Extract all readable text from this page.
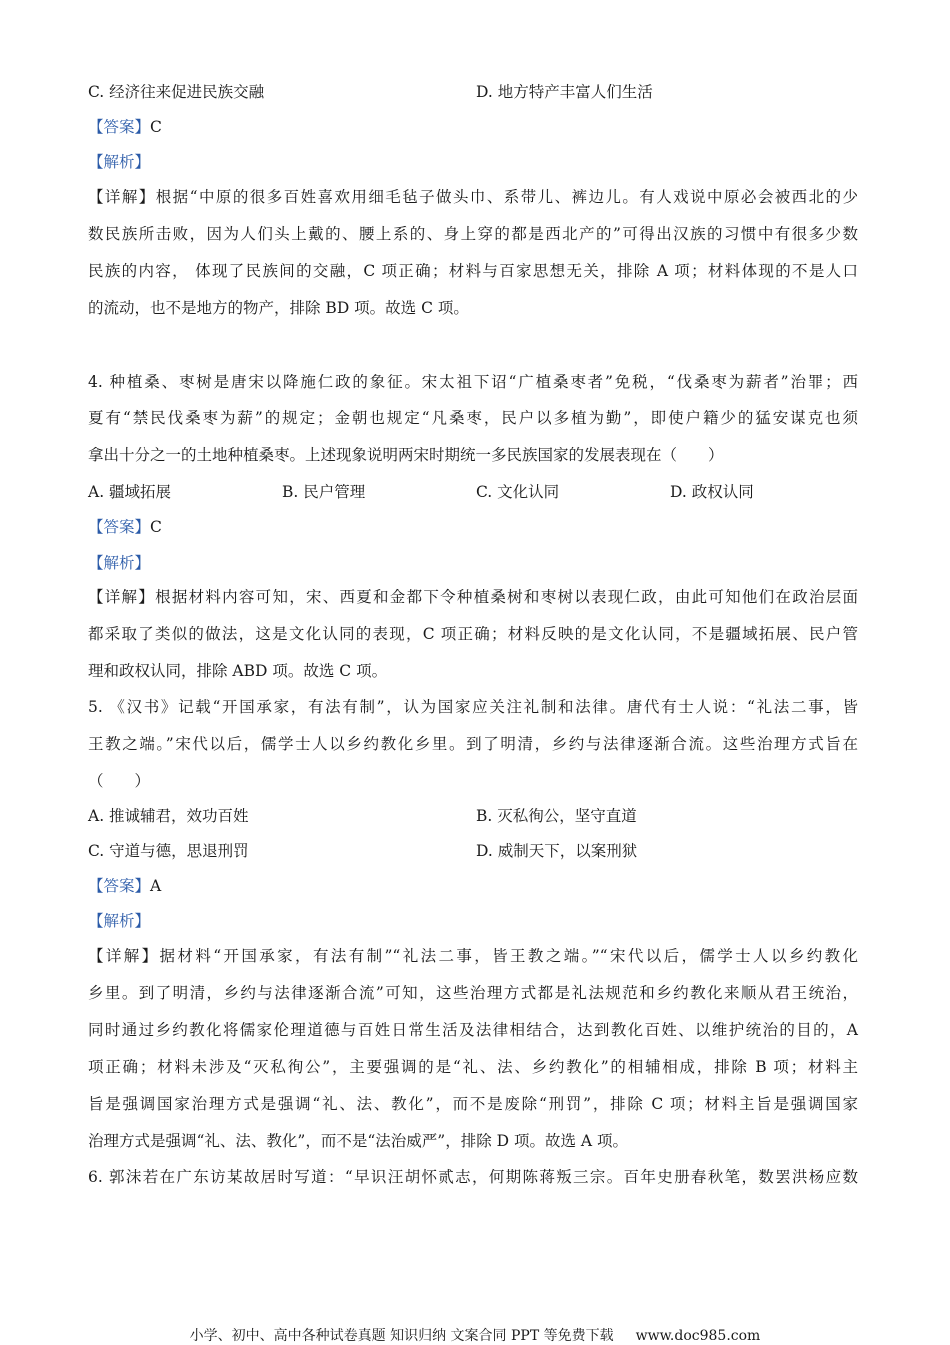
C. 经济往来促进民族交融	D. 地方特产丰富人们生活
【答案】C
【解析】
【详解】根据“中原的很多百姓喜欢用细毛毡子做头巾、系带儿、裤边儿。有人戏说中原必会被西北的少
数民族所击败，因为人们头上戴的、腰上系的、身上穿的都是西北产的”可得出汉族的习惯中有很多少数
民族的内容， 体现了民族间的交融，C 项正确；材料与百家思想无关，排除 A 项；材料体现的不是人口
的流动，也不是地方的物产，排除 BD 项。故选 C 项。
4. 种植桑、枣树是唐宋以降施仁政的象征。宋太祖下诏“广植桑枣者”免税，“伐桑枣为薪者”治罪；西
夏有“禁民伐桑枣为薪”的规定；金朝也规定“凡桑枣，民户以多植为勤”，即使户籍少的猛安谋克也须
拿出十分之一的土地种植桑枣。上述现象说明两宋时期统一多民族国家的发展表现在（　　）
A. 疆域拓展	B. 民户管理	C. 文化认同	D. 政权认同
【答案】C
【解析】
【详解】根据材料内容可知，宋、西夏和金都下令种植桑树和枣树以表现仁政，由此可知他们在政治层面
都采取了类似的做法，这是文化认同的表现，C 项正确；材料反映的是文化认同，不是疆域拓展、民户管
理和政权认同，排除 ABD 项。故选 C 项。
5. 《汉书》记载“开国承家，有法有制”，认为国家应关注礼制和法律。唐代有士人说：“礼法二事，皆
王教之端。”宋代以后，儒学士人以乡约教化乡里。到了明清，乡约与法律逐渐合流。这些治理方式旨在
（　　）
A. 推诚辅君，效功百姓	B. 灭私徇公，坚守直道
C. 守道与德，思退刑罚	D. 威制天下，以案刑狱
【答案】A
【解析】
【详解】据材料“开国承家，有法有制”“礼法二事，皆王教之端。”“宋代以后，儒学士人以乡约教化
乡里。到了明清，乡约与法律逐渐合流”可知，这些治理方式都是礼法规范和乡约教化来顺从君王统治，
同时通过乡约教化将儒家伦理道德与百姓日常生活及法律相结合，达到教化百姓、以维护统治的目的，A
项正确；材料未涉及“灭私徇公”，主要强调的是“礼、法、乡约教化”的相辅相成，排除 B 项；材料主
旨是强调国家治理方式是强调“礼、法、教化”，而不是废除“刑罚”，排除 C 项；材料主旨是强调国家
治理方式是强调“礼、法、教化”，而不是“法治威严”，排除 D 项。故选 A 项。
6. 郭沫若在广东访某故居时写道：“早识汪胡怀贰志，何期陈蒋叛三宗。百年史册春秋笔，数罢洪杨应数
小学、初中、高中各种试卷真题 知识归纳 文案合同 PPT 等免费下载 www.doc985.com
